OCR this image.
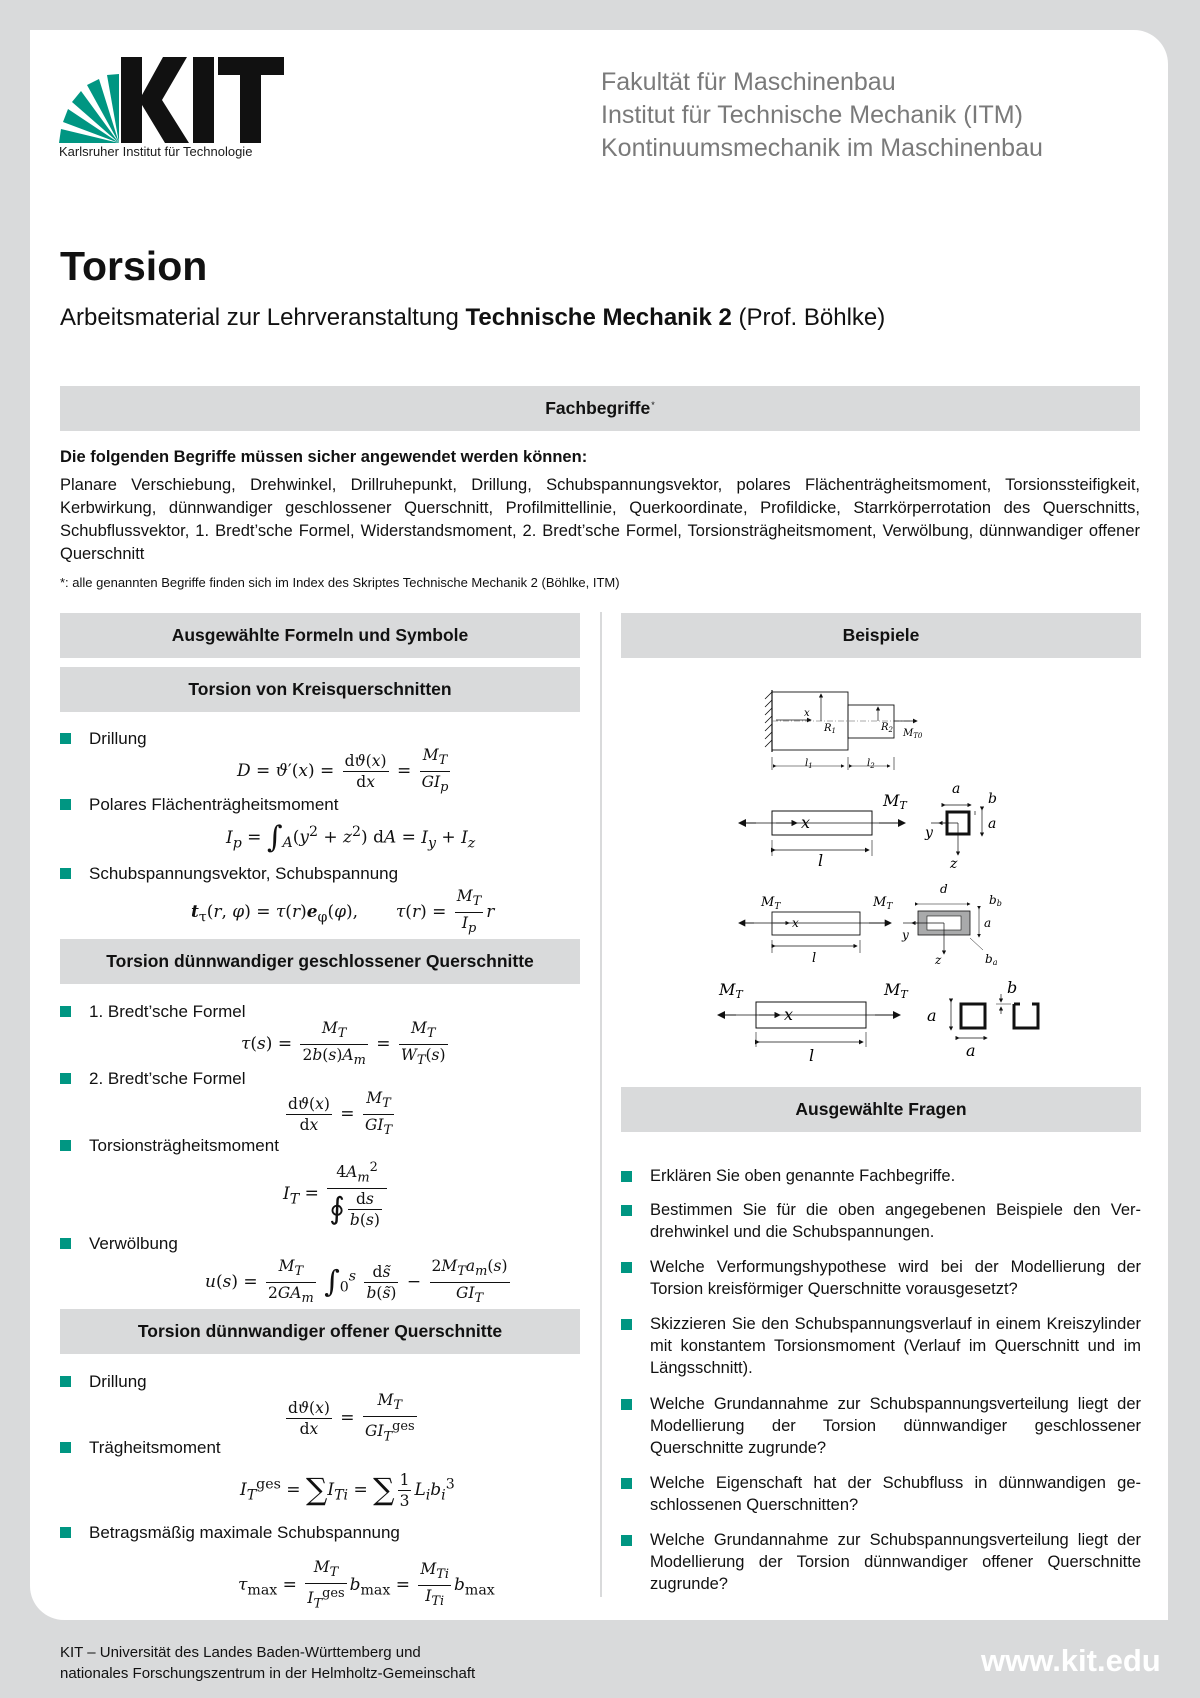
Karlsruher Institut für Technologie
Fakultät für Maschinenbau
Institut für Technische Mechanik (ITM)
Kontinuumsmechanik im Maschinenbau
Torsion
Arbeitsmaterial zur Lehrveranstaltung Technische Mechanik 2 (Prof. Böhlke)
Fachbegriffe*
Die folgenden Begriffe müssen sicher angewendet werden können:
Planare Verschiebung, Drehwinkel, Drillruhepunkt, Drillung, Schubspannungsvektor, polares Flächenträgheitsmoment, Torsionssteifigkeit, Kerbwirkung, dünnwandiger geschlossener Querschnitt, Profilmittellinie, Querkoordinate, Profildicke, Starrkörperrotation des Querschnitts, Schubflussvektor, 1. Bredt’sche Formel, Widerstandsmoment, 2. Bredt’sche Formel, Torsionsträgheitsmoment, Verwölbung, dünnwandiger offener Querschnitt
*: alle genannten Begriffe finden sich im Index des Skriptes Technische Mechanik 2 (Böhlke, ITM)
Ausgewählte Formeln und Symbole
Torsion von Kreisquerschnitten
Drillung
$D = ϑ'(x) = \frac{dϑ(x)}{dx} = \frac{M_T}{GI_p}$
Polares Flächenträgheitsmoment
$I_p = \int_A(y^2 + z^2)$ dA = $I_y + I_z$
Schubspannungsvektor, Schubspannung
$t_\tau(r$, $\varphi) = \tau(r)e_\varphi(\varphi)$,       $\tau(r) = \frac{M_T}{I_p}$ r
Torsion dünnwandiger geschlossener Querschnitte
1. Bredt’sche Formel
$\tau(s) = \frac{M_T}{2b(s)A_m} = \frac{M_T}{W_T(s)}$
2. Bredt’sche Formel
$\frac{dϑ(x)}{dx} = \frac{M_T}{GI_T}$
Torsionsträgheitsmoment
$I_T = \frac{4A_m^2}{∮ \frac{ds}{b(s)}}$
Verwölbung
$u(s) = \frac{M_T}{2GA_m} \int_0^s \frac{ds̃}{b(s̃)} - \frac{2M_Ta_m(s)}{GI_T}$
Torsion dünnwandiger offener Querschnitte
Drillung
$\frac{dϑ(x)}{dx} = \frac{M_T}{GI_T^{ges}}$
Trägheitsmoment
$I_T^{ges} = \sum I_{Ti}$ = ∑ $\frac{1}{3} L_ib_i^3$
Betragsmäßig maximale Schubspannung
$\tau_{max} = \frac{M_T}{I_T^{ges}} b_{max} = \frac{M_{Ti}}{I_{Ti}} b_{max}$
Beispiele
x
$R_1$	$R_2$ $M_{T0}$
$l_1$	$l_2$
x
l
MT
y
z
a
a
b
x
l
$M_T$	$M_T$
y
z
d
a
bb
ba
x
l
MT	MT
a
a
b
Ausgewählte Fragen
Erklären Sie oben genannte Fachbegriffe.
Bestimmen Sie für die oben angegebenen Beispiele den Verdrehwinkel und die Schubspannungen.
Welche Verformungshypothese wird bei der Modellierung der Torsion kreisförmiger Querschnitte vorausgesetzt?
Skizzieren Sie den Schubspannungsverlauf in einem Kreiszylinder mit konstantem Torsionsmoment (Verlauf im Querschnitt und im Längsschnitt).
Welche Grundannahme zur Schubspannungsverteilung liegt der Modellierung der Torsion dünnwandiger geschlossener Querschnitte zugrunde?
Welche Eigenschaft hat der Schubfluss in dünnwandigen geschlossenen Querschnitten?
Welche Grundannahme zur Schubspannungsverteilung liegt der Modellierung der Torsion dünnwandiger offener Querschnitte zugrunde?
KIT – Universität des Landes Baden-Württemberg und
nationales Forschungszentrum in der Helmholtz-Gemeinschaft	www.kit.edu
